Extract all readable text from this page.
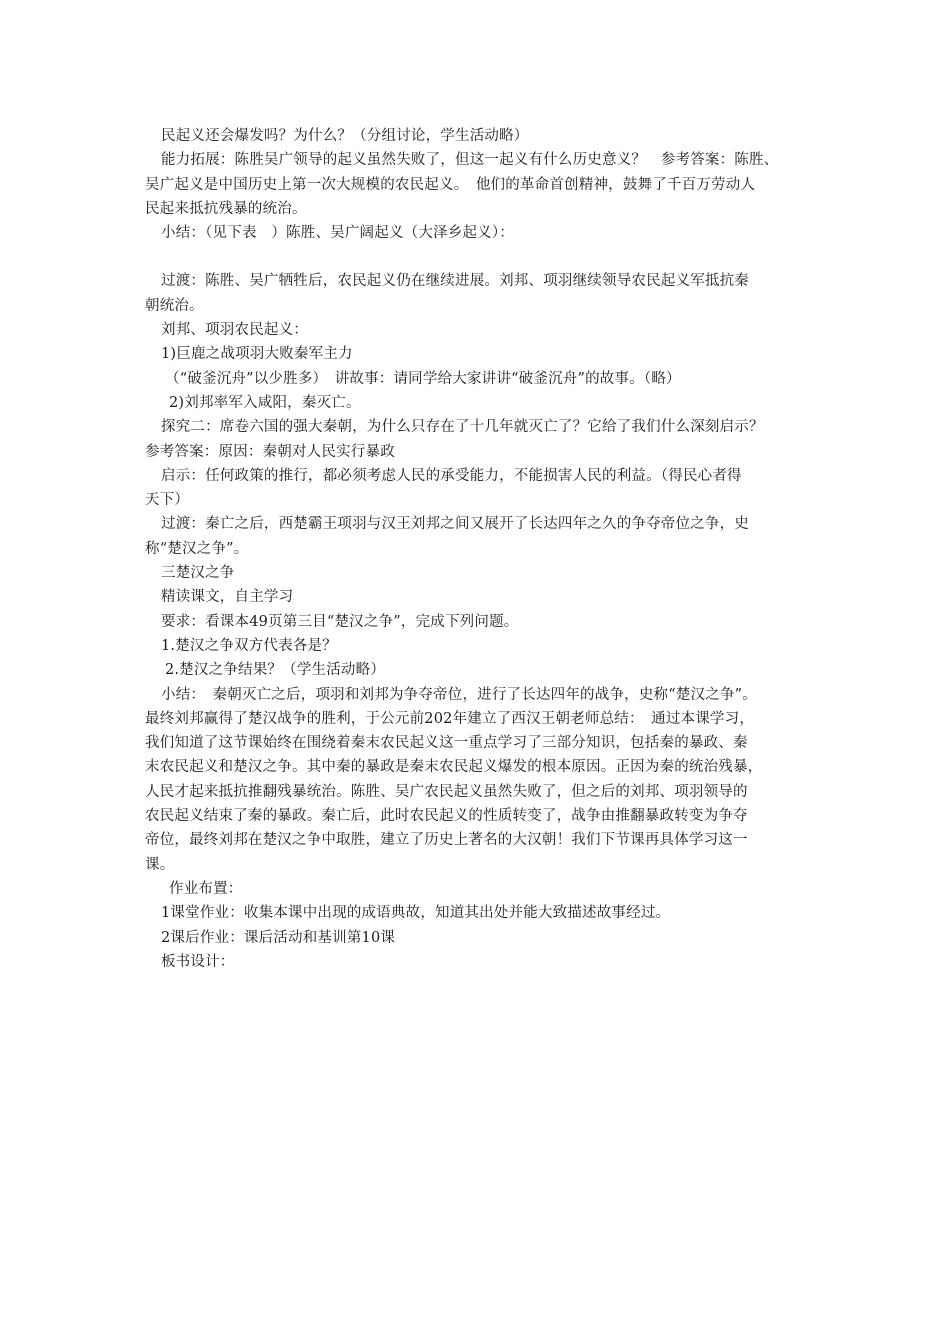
民起义还会爆发吗？为什么？（分组讨论，学生活动略）
能力拓展：陈胜吴广领导的起义虽然失败了，但这一起义有什么历史意义？　参考答案：陈胜、
吴广起义是中国历史上第一次大规模的农民起义。　他们的革命首创精神，鼓舞了千百万劳动人
民起来抵抗残暴的统治。
小结：（见下表　）陈胜、吴广阔起义（大泽乡起义）：
过渡：陈胜、吴广牺牲后，农民起义仍在继续进展。刘邦、项羽继续领导农民起义军抵抗秦
朝统治。
刘邦、项羽农民起义：
1)巨鹿之战项羽大败秦军主力
（“破釜沉舟”以少胜多）　讲故事：请同学给大家讲讲“破釜沉舟”的故事。（略）
2)刘邦率军入咸阳，秦灭亡。
探究二：席卷六国的强大秦朝，为什么只存在了十几年就灭亡了？它给了我们什么深刻启示？
参考答案：原因：秦朝对人民实行暴政
启示：任何政策的推行，都必须考虑人民的承受能力，不能损害人民的利益。（得民心者得
天下）
过渡：秦亡之后，西楚霸王项羽与汉王刘邦之间又展开了长达四年之久的争夺帝位之争，史
称“楚汉之争”。
三楚汉之争
精读课文，自主学习
要求：看课本49页第三目“楚汉之争”，完成下列问题。
1.楚汉之争双方代表各是？
2.楚汉之争结果？（学生活动略）
小结：　秦朝灭亡之后，项羽和刘邦为争夺帝位，进行了长达四年的战争，史称“楚汉之争”。
最终刘邦赢得了楚汉战争的胜利，于公元前202年建立了西汉王朝老师总结：　通过本课学习，
我们知道了这节课始终在围绕着秦末农民起义这一重点学习了三部分知识，包括秦的暴政、秦
末农民起义和楚汉之争。其中秦的暴政是秦末农民起义爆发的根本原因。正因为秦的统治残暴，
人民才起来抵抗推翻残暴统治。陈胜、吴广农民起义虽然失败了，但之后的刘邦、项羽领导的
农民起义结束了秦的暴政。秦亡后，此时农民起义的性质转变了，战争由推翻暴政转变为争夺
帝位，最终刘邦在楚汉之争中取胜，建立了历史上著名的大汉朝！我们下节课再具体学习这一
课。
作业布置：
1课堂作业：收集本课中出现的成语典故，知道其出处并能大致描述故事经过。
2课后作业：课后活动和基训第10课
板书设计：
